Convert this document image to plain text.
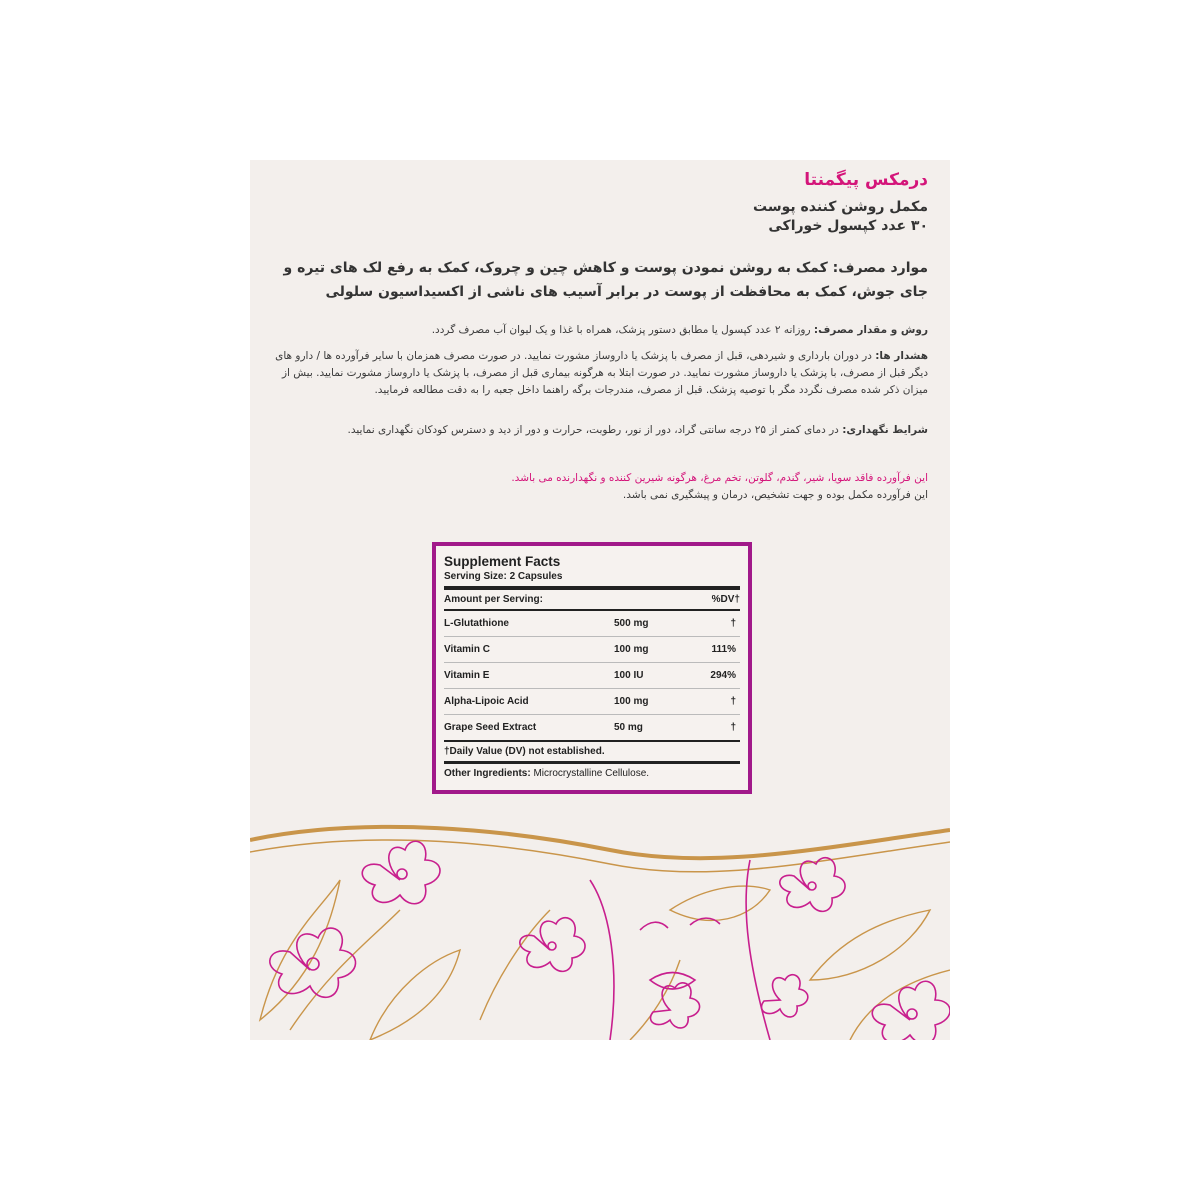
درمکس پیگمنتا
مکمل روشن کننده پوست
۳۰ عدد کپسول خوراکی
موارد مصرف: کمک به روشن نمودن پوست و کاهش چین و چروک، کمک به رفع لک های تیره و جای جوش، کمک به محافظت از پوست در برابر آسیب های ناشی از اکسیداسیون سلولی
روش و مقدار مصرف: روزانه ۲ عدد کپسول یا مطابق دستور پزشک، همراه با غذا و یک لیوان آب مصرف گردد.
هشدار ها: در دوران بارداری و شیردهی، قبل از مصرف با پزشک یا داروساز مشورت نمایید. در صورت مصرف همزمان با سایر فرآورده ها / دارو های دیگر قبل از مصرف، با پزشک یا داروساز مشورت نمایید. در صورت ابتلا به هرگونه بیماری قبل از مصرف، با پزشک یا داروساز مشورت نمایید. بیش از میزان ذکر شده مصرف نگردد مگر با توصیه پزشک. قبل از مصرف، مندرجات برگه راهنما داخل جعبه را به دقت مطالعه فرمایید.
شرایط نگهداری: در دمای کمتر از ۲۵ درجه سانتی گراد، دور از نور، رطوبت، حرارت و دور از دید و دسترس کودکان نگهداری نمایید.
این فرآورده فاقد سویا، شیر، گندم، گلوتن، تخم مرغ، هرگونه شیرین کننده و نگهدارنده می باشد.
این فرآورده مکمل بوده و جهت تشخیص، درمان و پیشگیری نمی باشد.
Supplement Facts
Serving Size: 2 Capsules
Amount per Serving:	%DV†
L-Glutathione	500 mg	†
Vitamin C	100 mg	111%
Vitamin E	100 IU	294%
Alpha-Lipoic Acid	100 mg	†
Grape Seed Extract	50 mg	†
†Daily Value (DV) not established.
Other Ingredients: Microcrystalline Cellulose.
